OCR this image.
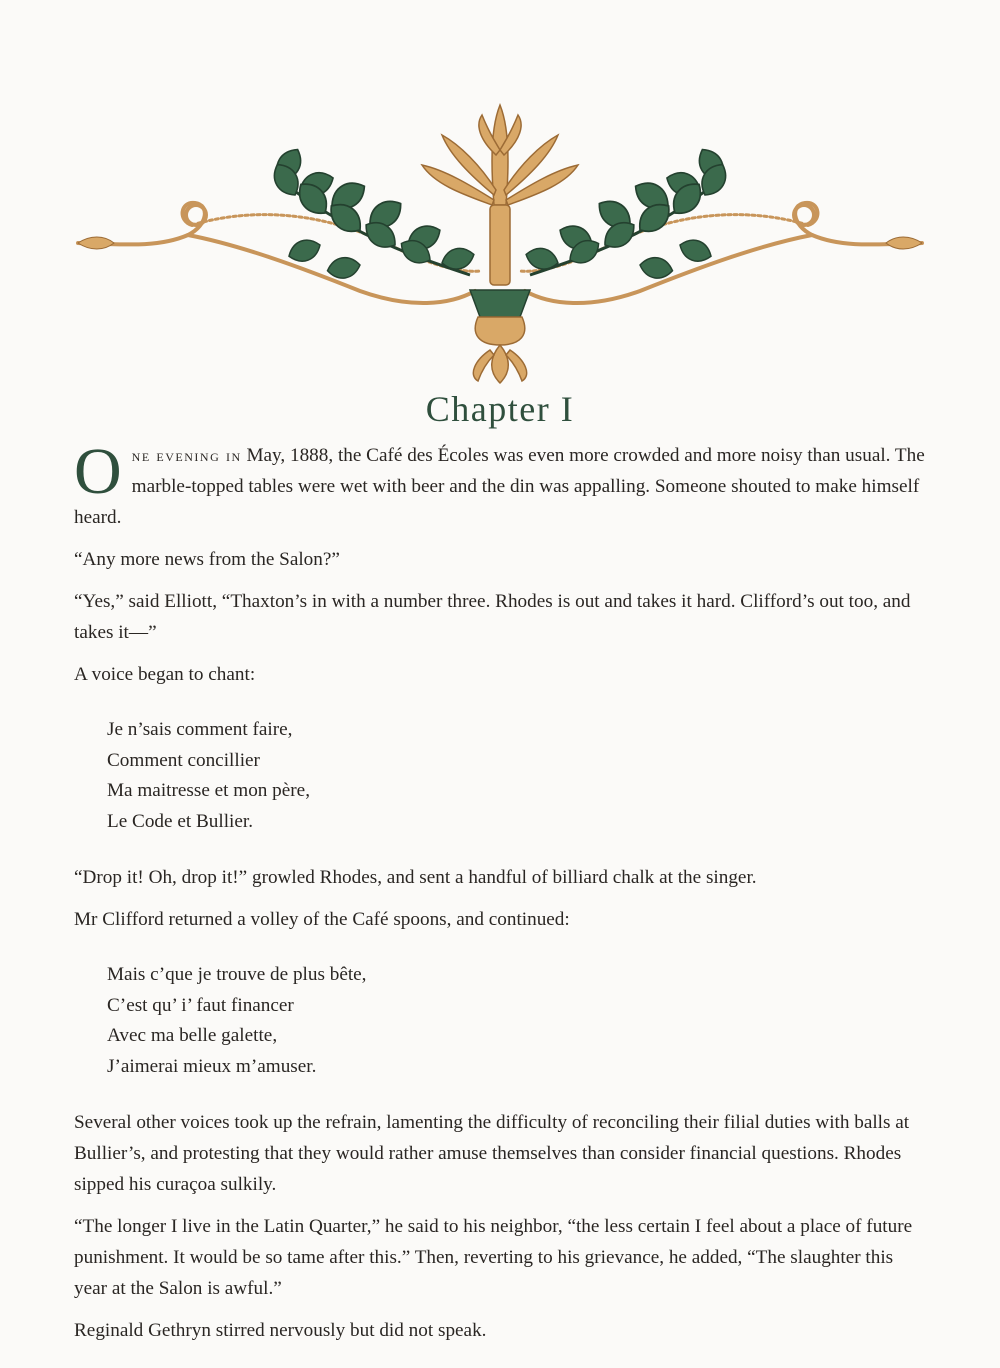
Chapter I

One evening in May, 1888, the Café des Écoles was even more crowded and more noisy than usual. The marble-topped tables were wet with beer and the din was appalling. Someone shouted to make himself heard.

“Any more news from the Salon?”

“Yes,” said Elliott, “Thaxton’s in with a number three. Rhodes is out and takes it hard. Clifford’s out too, and takes it—”

A voice began to chant:

Je n’sais comment faire,
Comment concillier
Ma maitresse et mon père,
Le Code et Bullier.

“Drop it! Oh, drop it!” growled Rhodes, and sent a handful of billiard chalk at the singer.

Mr Clifford returned a volley of the Café spoons, and continued:

Mais c’que je trouve de plus bête,
C’est qu’ i’ faut financer
Avec ma belle galette,
J’aimerai mieux m’amuser.

Several other voices took up the refrain, lamenting the difficulty of reconciling their filial duties with balls at Bullier’s, and protesting that they would rather amuse themselves than consider financial questions. Rhodes sipped his curaçoa sulkily.

“The longer I live in the Latin Quarter,” he said to his neighbor, “the less certain I feel about a place of future punishment. It would be so tame after this.” Then, reverting to his grievance, he added, “The slaughter this year at the Salon is awful.”

Reginald Gethryn stirred nervously but did not speak.
